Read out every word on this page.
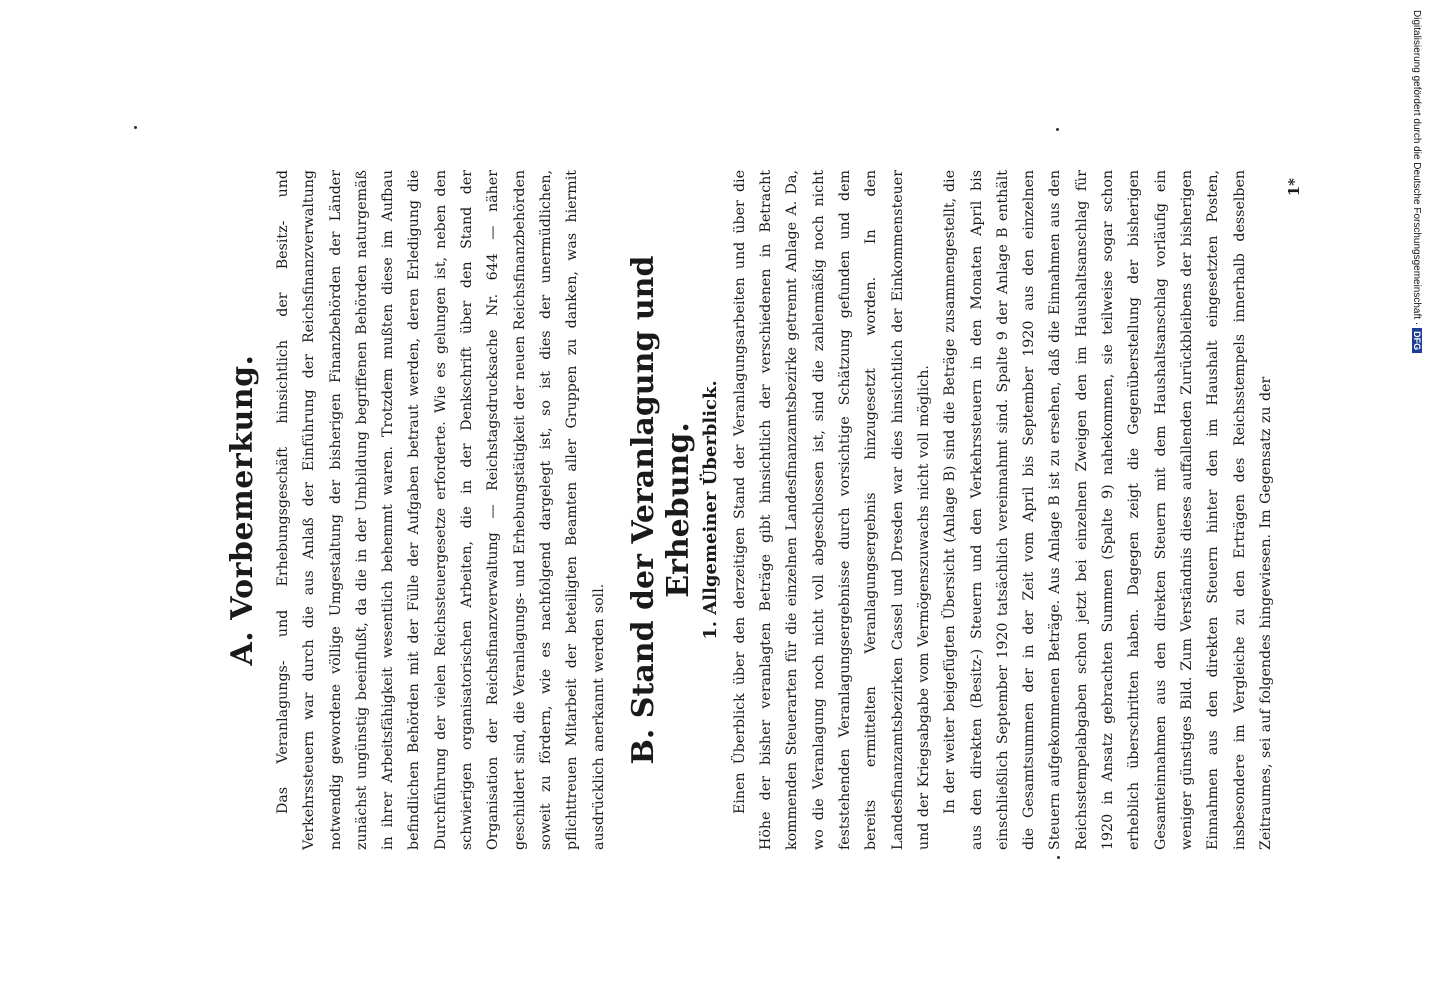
A. Vorbemerkung.	Das Veranlagungs- und Erhebungsgeschäft hinsichtlich der Besitz- und Verkehrssteuern war durch die aus Anlaß der Einführung der Reichsfinanzverwaltung notwendig gewordene völlige Umgestaltung der bisherigen Finanzbehörden der Länder zunächst ungünstig beeinflußt, da die in der Umbildung begriffenen Behörden naturgemäß in ihrer Arbeitsfähigkeit wesentlich behemmt waren. Trotzdem mußten diese im Aufbau befindlichen Behörden mit der Fülle der Aufgaben betraut werden, deren Erledigung die Durchführung der vielen Reichssteuergesetze erforderte. Wie es gelungen ist, neben den schwierigen organisatorischen Arbeiten, die in der Denkschrift über den Stand der Organisation der Reichsfinanzverwaltung — Reichstagsdrucksache Nr. 644 — näher geschildert sind, die Veranlagungs- und Erhebungstätigkeit der neuen Reichsfinanzbehörden soweit zu fördern, wie es nachfolgend dargelegt ist, so ist dies der unermüdlichen, pflichttreuen Mitarbeit der beteiligten Beamten aller Gruppen zu danken, was hiermit ausdrücklich anerkannt werden soll. B. Stand der Veranlagung und Erhebung. 1. Allgemeiner Überblick. Einen Überblick über den derzeitigen Stand der Veranlagungsarbeiten und über die Höhe der bisher veranlagten Beträge gibt hinsichtlich der verschiedenen in Betracht kommenden Steuerarten für die einzelnen Landesfinanzamtsbezirke getrennt Anlage A. Da, wo die Veranlagung noch nicht voll abgeschlossen ist, sind die zahlenmäßig noch nicht feststehenden Veranlagungsergebnisse durch vorsichtige Schätzung gefunden und dem bereits ermittelten Veranlagungsergebnis hinzugesetzt worden. In den Landesfinanzamtsbezirken Cassel und Dresden war dies hinsichtlich der Einkommensteuer und der Kriegsabgabe vom Vermögenszuwachs nicht voll möglich. In der weiter beigefügten Übersicht (Anlage B) sind die Beträge zusammengestellt, die aus den direkten (Besitz-) Steuern und den Verkehrssteuern in den Monaten April bis einschließlich September 1920 tatsächlich vereinnahmt sind. Spalte 9 der Anlage B enthält die Gesamtsummen der in der Zeit vom April bis September 1920 aus den einzelnen Steuern aufgekommenen Beträge. Aus Anlage B ist zu ersehen, daß die Einnahmen aus den Reichsstempelabgaben schon jetzt bei einzelnen Zweigen den im Haushaltsanschlag für 1920 in Ansatz gebrachten Summen (Spalte 9) nahekommen, sie teilweise sogar schon erheblich überschritten haben. Dagegen zeigt die Gegenüberstellung der bisherigen Gesamteinnahmen aus den direkten Steuern mit dem Haushaltsanschlag vorläufig ein weniger günstiges Bild. Zum Verständnis dieses auffallenden Zurückbleibens der bisherigen Einnahmen aus den direkten Steuern hinter den im Haushalt eingesetzten Posten, insbesondere im Vergleiche zu den Erträgen des Reichsstempels innerhalb desselben Zeitraumes, sei auf folgendes hingewiesen. Im Gegensatz zu der

1*	Digitalisierung gefördert durch die Deutsche Forschungsgemeinschaft ·DFG
